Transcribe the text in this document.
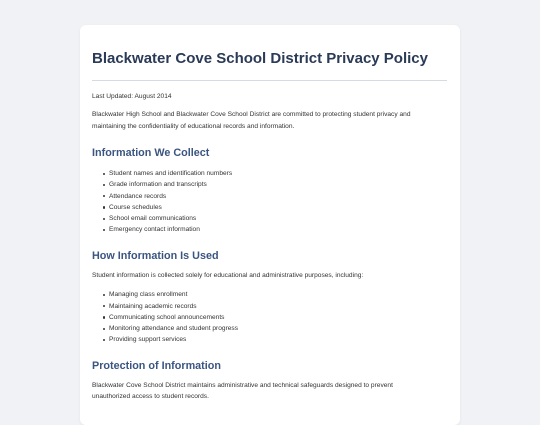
Blackwater Cove School District Privacy Policy

Last Updated: August 2014

Blackwater High School and Blackwater Cove School District are committed to protecting student privacy and maintaining the confidentiality of educational records and information.

Information We Collect
Student names and identification numbers
Grade information and transcripts
Attendance records
Course schedules
School email communications
Emergency contact information
How Information Is Used

Student information is collected solely for educational and administrative purposes, including:

Managing class enrollment
Maintaining academic records
Communicating school announcements
Monitoring attendance and student progress
Providing support services
Protection of Information

Blackwater Cove School District maintains administrative and technical safeguards designed to prevent unauthorized access to student records.
